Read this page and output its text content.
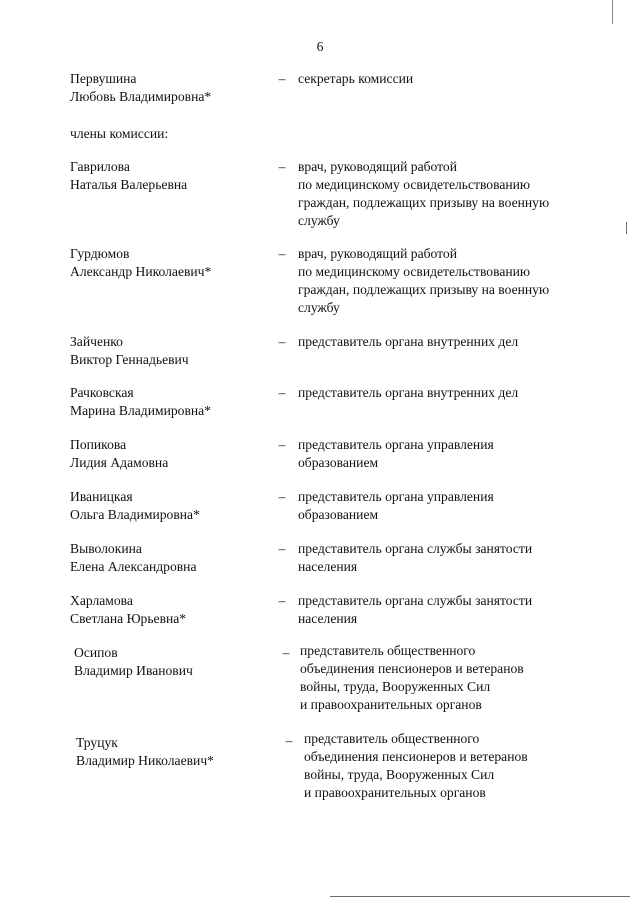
6
Первушина
Любовь Владимировна*
– секретарь комиссии
члены комиссии:
Гаврилова
Наталья Валерьевна
– врач, руководящий работой
по медицинскому освидетельствованию
граждан, подлежащих призыву на военную
службу
Гурдюмов
Александр Николаевич*
– врач, руководящий работой
по медицинскому освидетельствованию
граждан, подлежащих призыву на военную
службу
Зайченко
Виктор Геннадьевич
– представитель органа внутренних дел
Рачковская
Марина Владимировна*
– представитель органа внутренних дел
Попикова
Лидия Адамовна
– представитель органа управления
образованием
Иваницкая
Ольга Владимировна*
– представитель органа управления
образованием
Выволокина
Елена Александровна
– представитель органа службы занятости
населения
Харламова
Светлана Юрьевна*
– представитель органа службы занятости
населения
Осипов
Владимир Иванович
– представитель общественного
объединения пенсионеров и ветеранов
войны, труда, Вооруженных Сил
и правоохранительных органов
Труцук
Владимир Николаевич*
– представитель общественного
объединения пенсионеров и ветеранов
войны, труда, Вооруженных Сил
и правоохранительных органов
